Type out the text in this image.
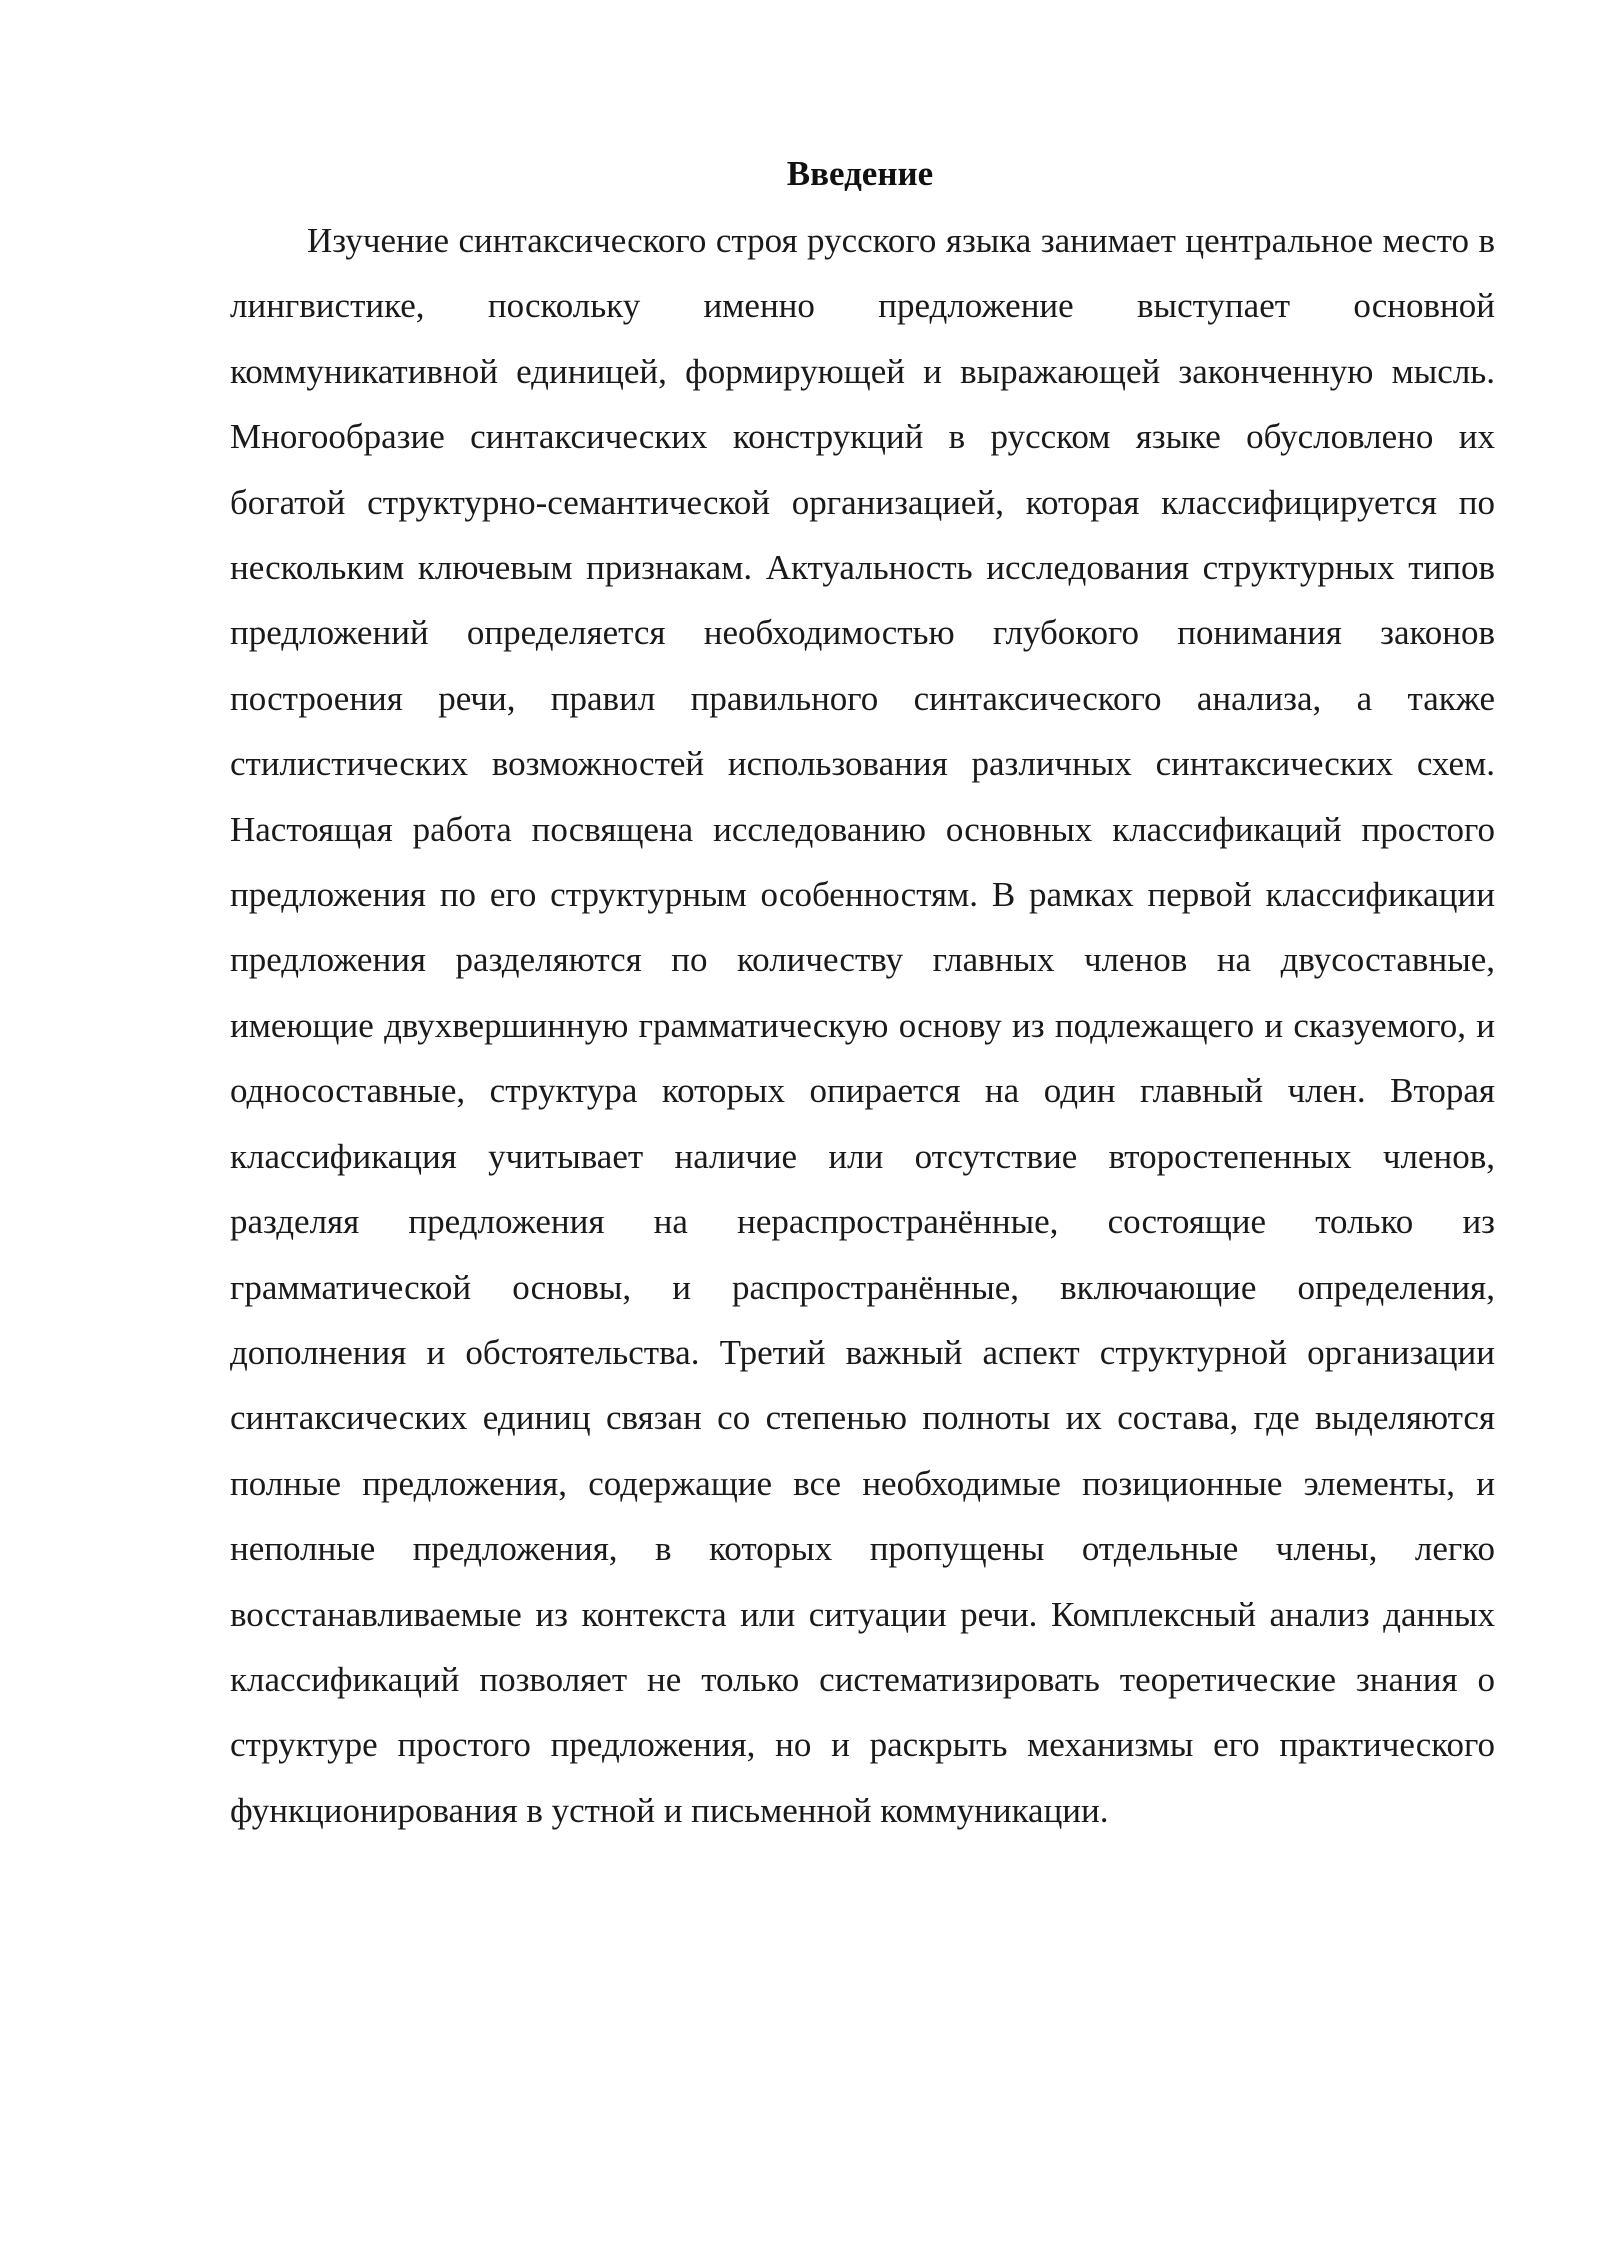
Введение

Изучение синтаксического строя русского языка занимает центральное место в лингвистике, поскольку именно предложение выступает основной коммуникативной единицей, формирующей и выражающей законченную мысль. Многообразие синтаксических конструкций в русском языке обусловлено их богатой структурно-семантической организацией, которая классифицируется по нескольким ключевым признакам. Актуальность исследования структурных типов предложений определяется необходимостью глубокого понимания законов построения речи, правил правильного синтаксического анализа, а также стилистических возможностей использования различных синтаксических схем. Настоящая работа посвящена исследованию основных классификаций простого предложения по его структурным особенностям. В рамках первой классификации предложения разделяются по количеству главных членов на двусоставные, имеющие двухвершинную грамматическую основу из подлежащего и сказуемого, и односоставные, структура которых опирается на один главный член. Вторая классификация учитывает наличие или отсутствие второстепенных членов, разделяя предложения на нераспространённые, состоящие только из грамматической основы, и распространённые, включающие определения, дополнения и обстоятельства. Третий важный аспект структурной организации синтаксических единиц связан со степенью полноты их состава, где выделяются полные предложения, содержащие все необходимые позиционные элементы, и неполные предложения, в которых пропущены отдельные члены, легко восстанавливаемые из контекста или ситуации речи. Комплексный анализ данных классификаций позволяет не только систематизировать теоретические знания о структуре простого предложения, но и раскрыть механизмы его практического функционирования в устной и письменной коммуникации.
